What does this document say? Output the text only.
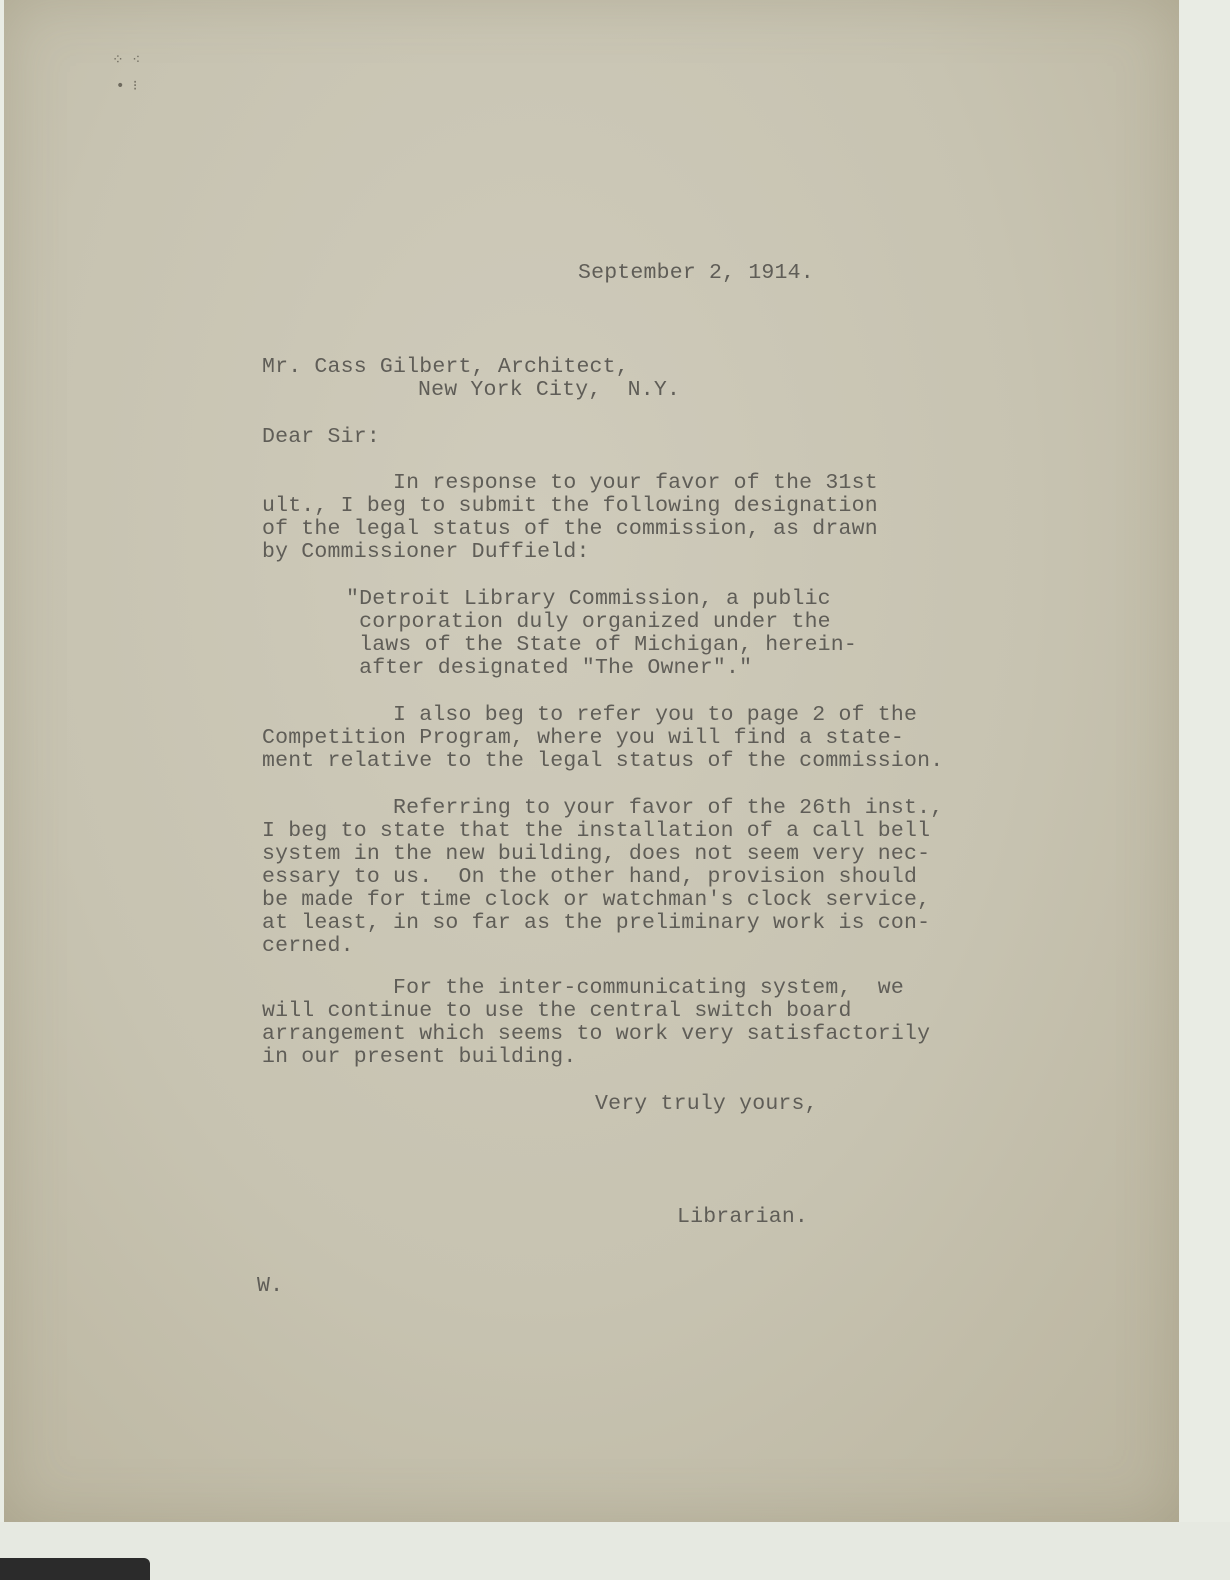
⁘ ⁖
• ⁝
September 2, 1914.
Mr. Cass Gilbert, Architect,
New York City,  N.Y.
Dear Sir:
In response to your favor of the 31st
ult., I beg to submit the following designation
of the legal status of the commission, as drawn
by Commissioner Duffield:
"Detroit Library Commission, a public
corporation duly organized under the
laws of the State of Michigan, herein-
after designated "The Owner"."
I also beg to refer you to page 2 of the
Competition Program, where you will find a state-
ment relative to the legal status of the commission.
Referring to your favor of the 26th inst.,
I beg to state that the installation of a call bell
system in the new building, does not seem very nec-
essary to us.  On the other hand, provision should
be made for time clock or watchman's clock service,
at least, in so far as the preliminary work is con-
cerned.
For the inter-communicating system,  we
will continue to use the central switch board
arrangement which seems to work very satisfactorily
in our present building.
Very truly yours,
Librarian.
W.
